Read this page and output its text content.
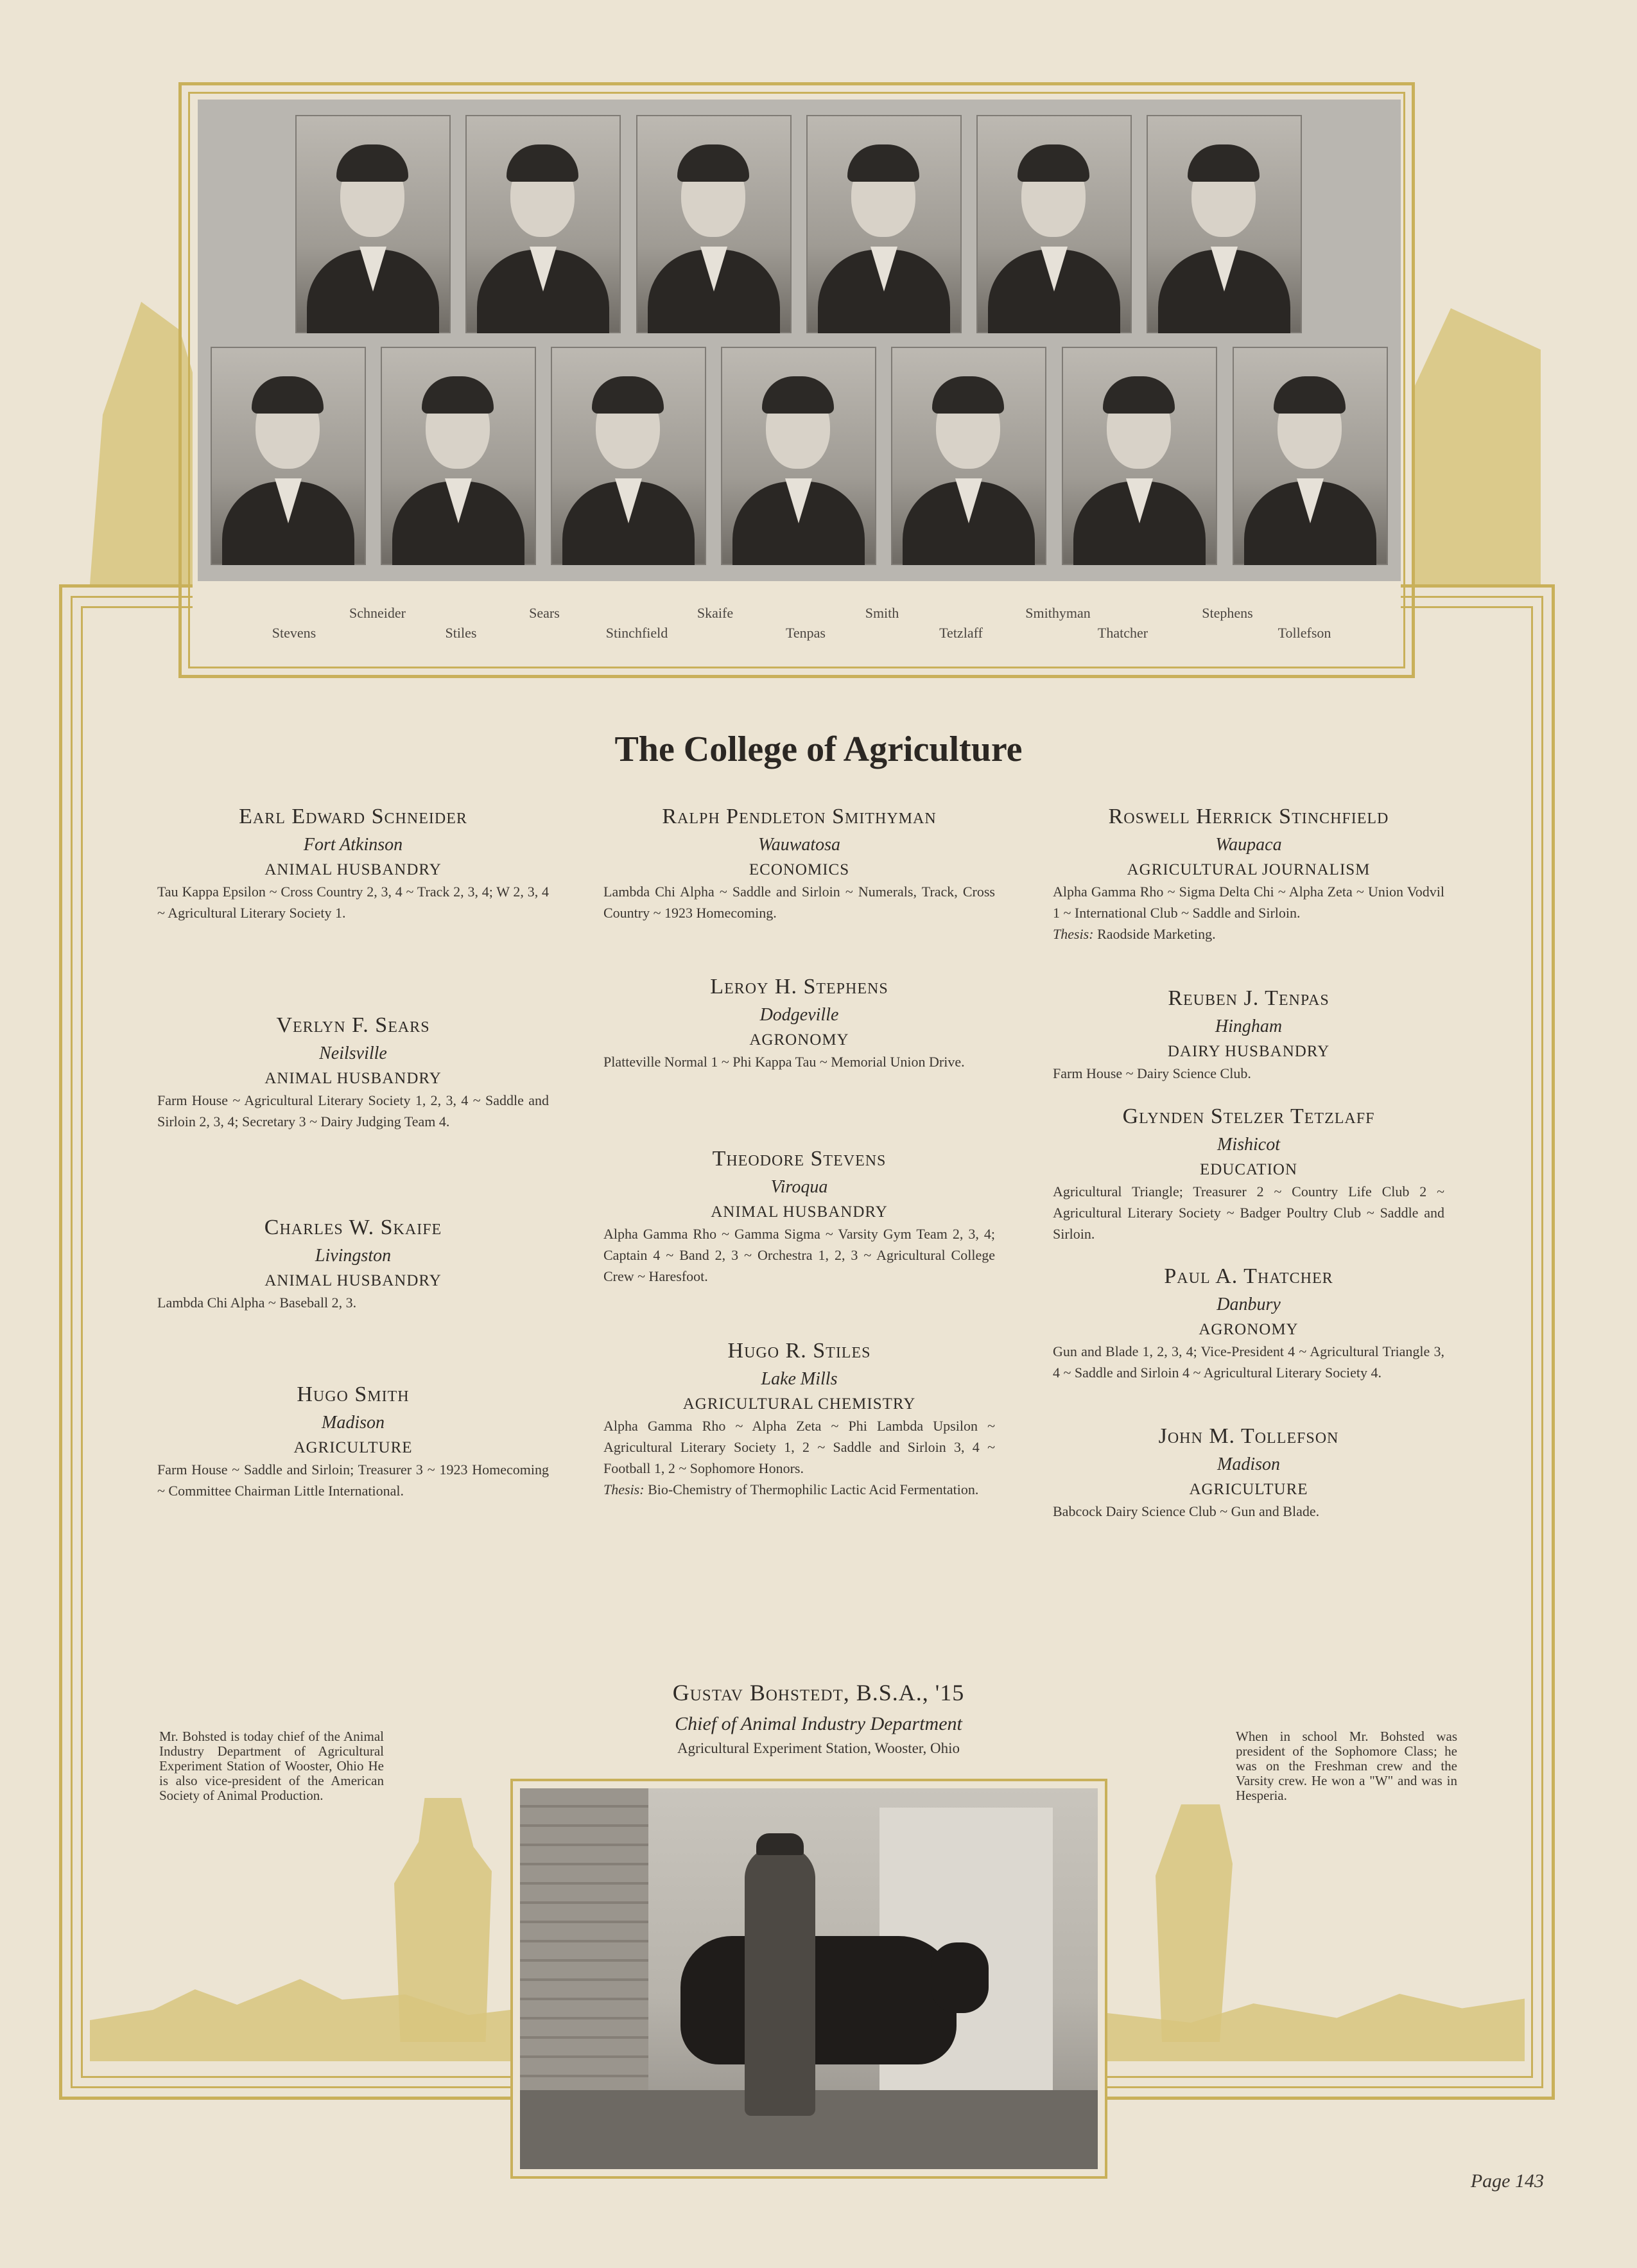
Stevens
Schneider
Stiles
Sears
Stinchfield
Skaife
Tenpas
Smith
Tetzlaff
Smithyman
Thatcher
Stephens
Tollefson
The College of Agriculture
Earl Edward Schneider
Fort Atkinson
ANIMAL HUSBANDRY
Tau Kappa Epsilon ~ Cross Country 2, 3, 4 ~ Track 2, 3, 4; W 2, 3, 4 ~ Agricultural Literary Society 1.
Verlyn F. Sears
Neilsville
ANIMAL HUSBANDRY
Farm House ~ Agricultural Literary Society 1, 2, 3, 4 ~ Saddle and Sirloin 2, 3, 4; Secretary 3 ~ Dairy Judging Team 4.
Charles W. Skaife
Livingston
ANIMAL HUSBANDRY
Lambda Chi Alpha ~ Baseball 2, 3.
Hugo Smith
Madison
AGRICULTURE
Farm House ~ Saddle and Sirloin; Treasurer 3 ~ 1923 Homecoming ~ Committee Chairman Little International.
Ralph Pendleton Smithyman
Wauwatosa
ECONOMICS
Lambda Chi Alpha ~ Saddle and Sirloin ~ Numerals, Track, Cross Country ~ 1923 Homecoming.
Leroy H. Stephens
Dodgeville
AGRONOMY
Platteville Normal 1 ~ Phi Kappa Tau ~ Memorial Union Drive.
Theodore Stevens
Viroqua
ANIMAL HUSBANDRY
Alpha Gamma Rho ~ Gamma Sigma ~ Varsity Gym Team 2, 3, 4; Captain 4 ~ Band 2, 3 ~ Orchestra 1, 2, 3 ~ Agricultural College Crew ~ Haresfoot.
Hugo R. Stiles
Lake Mills
AGRICULTURAL CHEMISTRY
Alpha Gamma Rho ~ Alpha Zeta ~ Phi Lambda Upsilon ~ Agricultural Literary Society 1, 2 ~ Saddle and Sirloin 3, 4 ~ Football 1, 2 ~ Sophomore Honors.
Thesis: Bio-Chemistry of Thermophilic Lactic Acid Fermentation.
Roswell Herrick Stinchfield
Waupaca
AGRICULTURAL JOURNALISM
Alpha Gamma Rho ~ Sigma Delta Chi ~ Alpha Zeta ~ Union Vodvil 1 ~ International Club ~ Saddle and Sirloin.
Thesis: Raodside Marketing.
Reuben J. Tenpas
Hingham
DAIRY HUSBANDRY
Farm House ~ Dairy Science Club.
Glynden Stelzer Tetzlaff
Mishicot
EDUCATION
Agricultural Triangle; Treasurer 2 ~ Country Life Club 2 ~ Agricultural Literary Society ~ Badger Poultry Club ~ Saddle and Sirloin.
Paul A. Thatcher
Danbury
AGRONOMY
Gun and Blade 1, 2, 3, 4; Vice-President 4 ~ Agricultural Triangle 3, 4 ~ Saddle and Sirloin 4 ~ Agricultural Literary Society 4.
John M. Tollefson
Madison
AGRICULTURE
Babcock Dairy Science Club ~ Gun and Blade.
Gustav Bohstedt, B.S.A., '15
Chief of Animal Industry Department
Agricultural Experiment Station, Wooster, Ohio
Mr. Bohsted is today chief of the Animal Industry Department of Agricultural Experiment Station of Wooster, Ohio He is also vice-president of the American Society of Animal Production.
When in school Mr. Bohsted was president of the Sophomore Class; he was on the Freshman crew and the Varsity crew. He won a "W" and was in Hesperia.
Page 143
